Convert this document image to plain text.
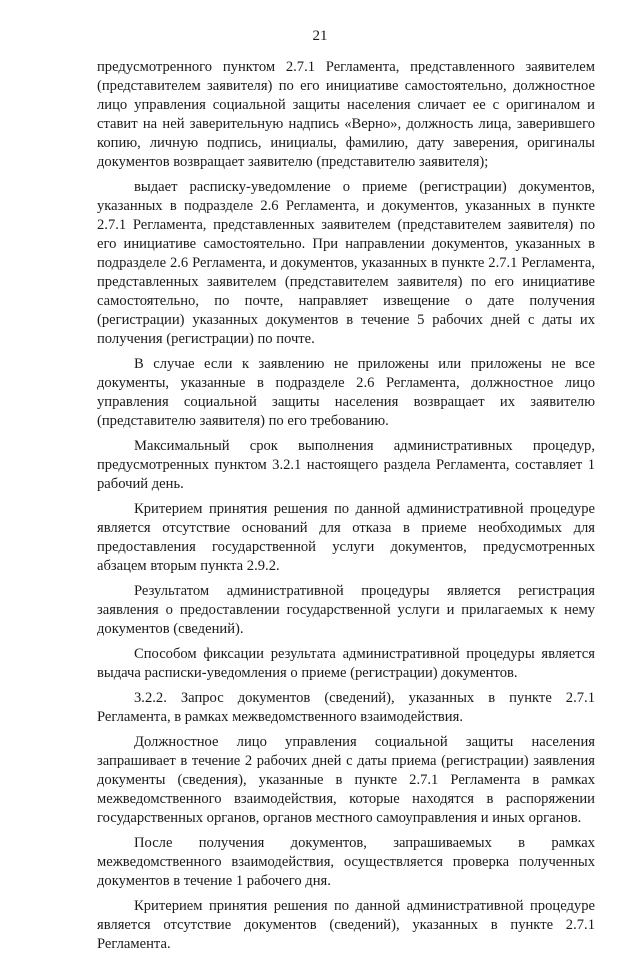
21

предусмотренного пунктом 2.7.1 Регламента, представленного заявителем (представителем заявителя) по его инициативе самостоятельно, должностное лицо управления социальной защиты населения сличает ее с оригиналом и ставит на ней заверительную надпись «Верно», должность лица, заверившего копию, личную подпись, инициалы, фамилию, дату заверения, оригиналы документов возвращает заявителю (представителю заявителя);

выдает расписку-уведомление о приеме (регистрации) документов, указанных в подразделе 2.6 Регламента, и документов, указанных в пункте 2.7.1 Регламента, представленных заявителем (представителем заявителя) по его инициативе самостоятельно. При направлении документов, указанных в подразделе 2.6 Регламента, и документов, указанных в пункте 2.7.1 Регламента, представленных заявителем (представителем заявителя) по его инициативе самостоятельно, по почте, направляет извещение о дате получения (регистрации) указанных документов в течение 5 рабочих дней с даты их получения (регистрации) по почте.

В случае если к заявлению не приложены или приложены не все документы, указанные в подразделе 2.6 Регламента, должностное лицо управления социальной защиты населения возвращает их заявителю (представителю заявителя) по его требованию.

Максимальный срок выполнения административных процедур, предусмотренных пунктом 3.2.1 настоящего раздела Регламента, составляет 1 рабочий день.

Критерием принятия решения по данной административной процедуре является отсутствие оснований для отказа в приеме необходимых для предоставления государственной услуги документов, предусмотренных абзацем вторым пункта 2.9.2.

Результатом административной процедуры является регистрация заявления о предоставлении государственной услуги и прилагаемых к нему документов (сведений).

Способом фиксации результата административной процедуры является выдача расписки-уведомления о приеме (регистрации) документов.

3.2.2. Запрос документов (сведений), указанных в пункте 2.7.1 Регламента, в рамках межведомственного взаимодействия.

Должностное лицо управления социальной защиты населения запрашивает в течение 2 рабочих дней с даты приема (регистрации) заявления документы (сведения), указанные в пункте 2.7.1 Регламента в рамках межведомственного взаимодействия, которые находятся в распоряжении государственных органов, органов местного самоуправления и иных органов.

После получения документов, запрашиваемых в рамках межведомственного взаимодействия, осуществляется проверка полученных документов в течение 1 рабочего дня.

Критерием принятия решения по данной административной процедуре является отсутствие документов (сведений), указанных в пункте 2.7.1 Регламента.
